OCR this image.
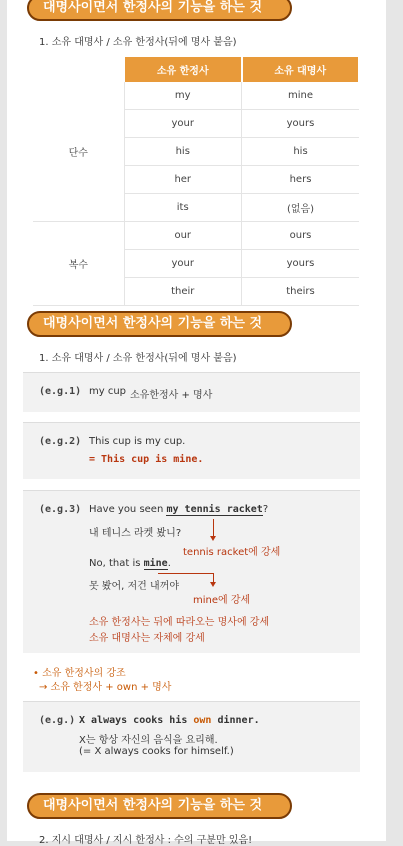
대명사이면서 한정사의 기능을 하는 것
1. 소유 대명사 / 소유 한정사(뒤에 명사 붙음)
	소유 한정사	소유 대명사
단수	my	mine
	your	yours
	his	his
	her	hers
	its	(없음)
복수	our	ours
	your	yours
	their	theirs
대명사이면서 한정사의 기능을 하는 것
1. 소유 대명사 / 소유 한정사(뒤에 명사 붙음)
(e.g.1) my cup 소유한정사 + 명사
(e.g.2) This cup is my cup.
= This cup is mine.
(e.g.3) Have you seen my tennis racket?
내 테니스 라켓 봤니?
tennis racket에 강세
No, that is mine.
못 봤어, 저건 내꺼야
mine에 강세
소유 한정사는 뒤에 따라오는 명사에 강세
소유 대명사는 자체에 강세
• 소유 한정사의 강조
→ 소유 한정사 + own + 명사
(e.g.) X always cooks his own dinner.
X는 항상 자신의 음식을 요리해.
(= X always cooks for himself.)
대명사이면서 한정사의 기능을 하는 것
2. 지시 대명사 / 지시 한정사 : 수의 구분만 있음!
